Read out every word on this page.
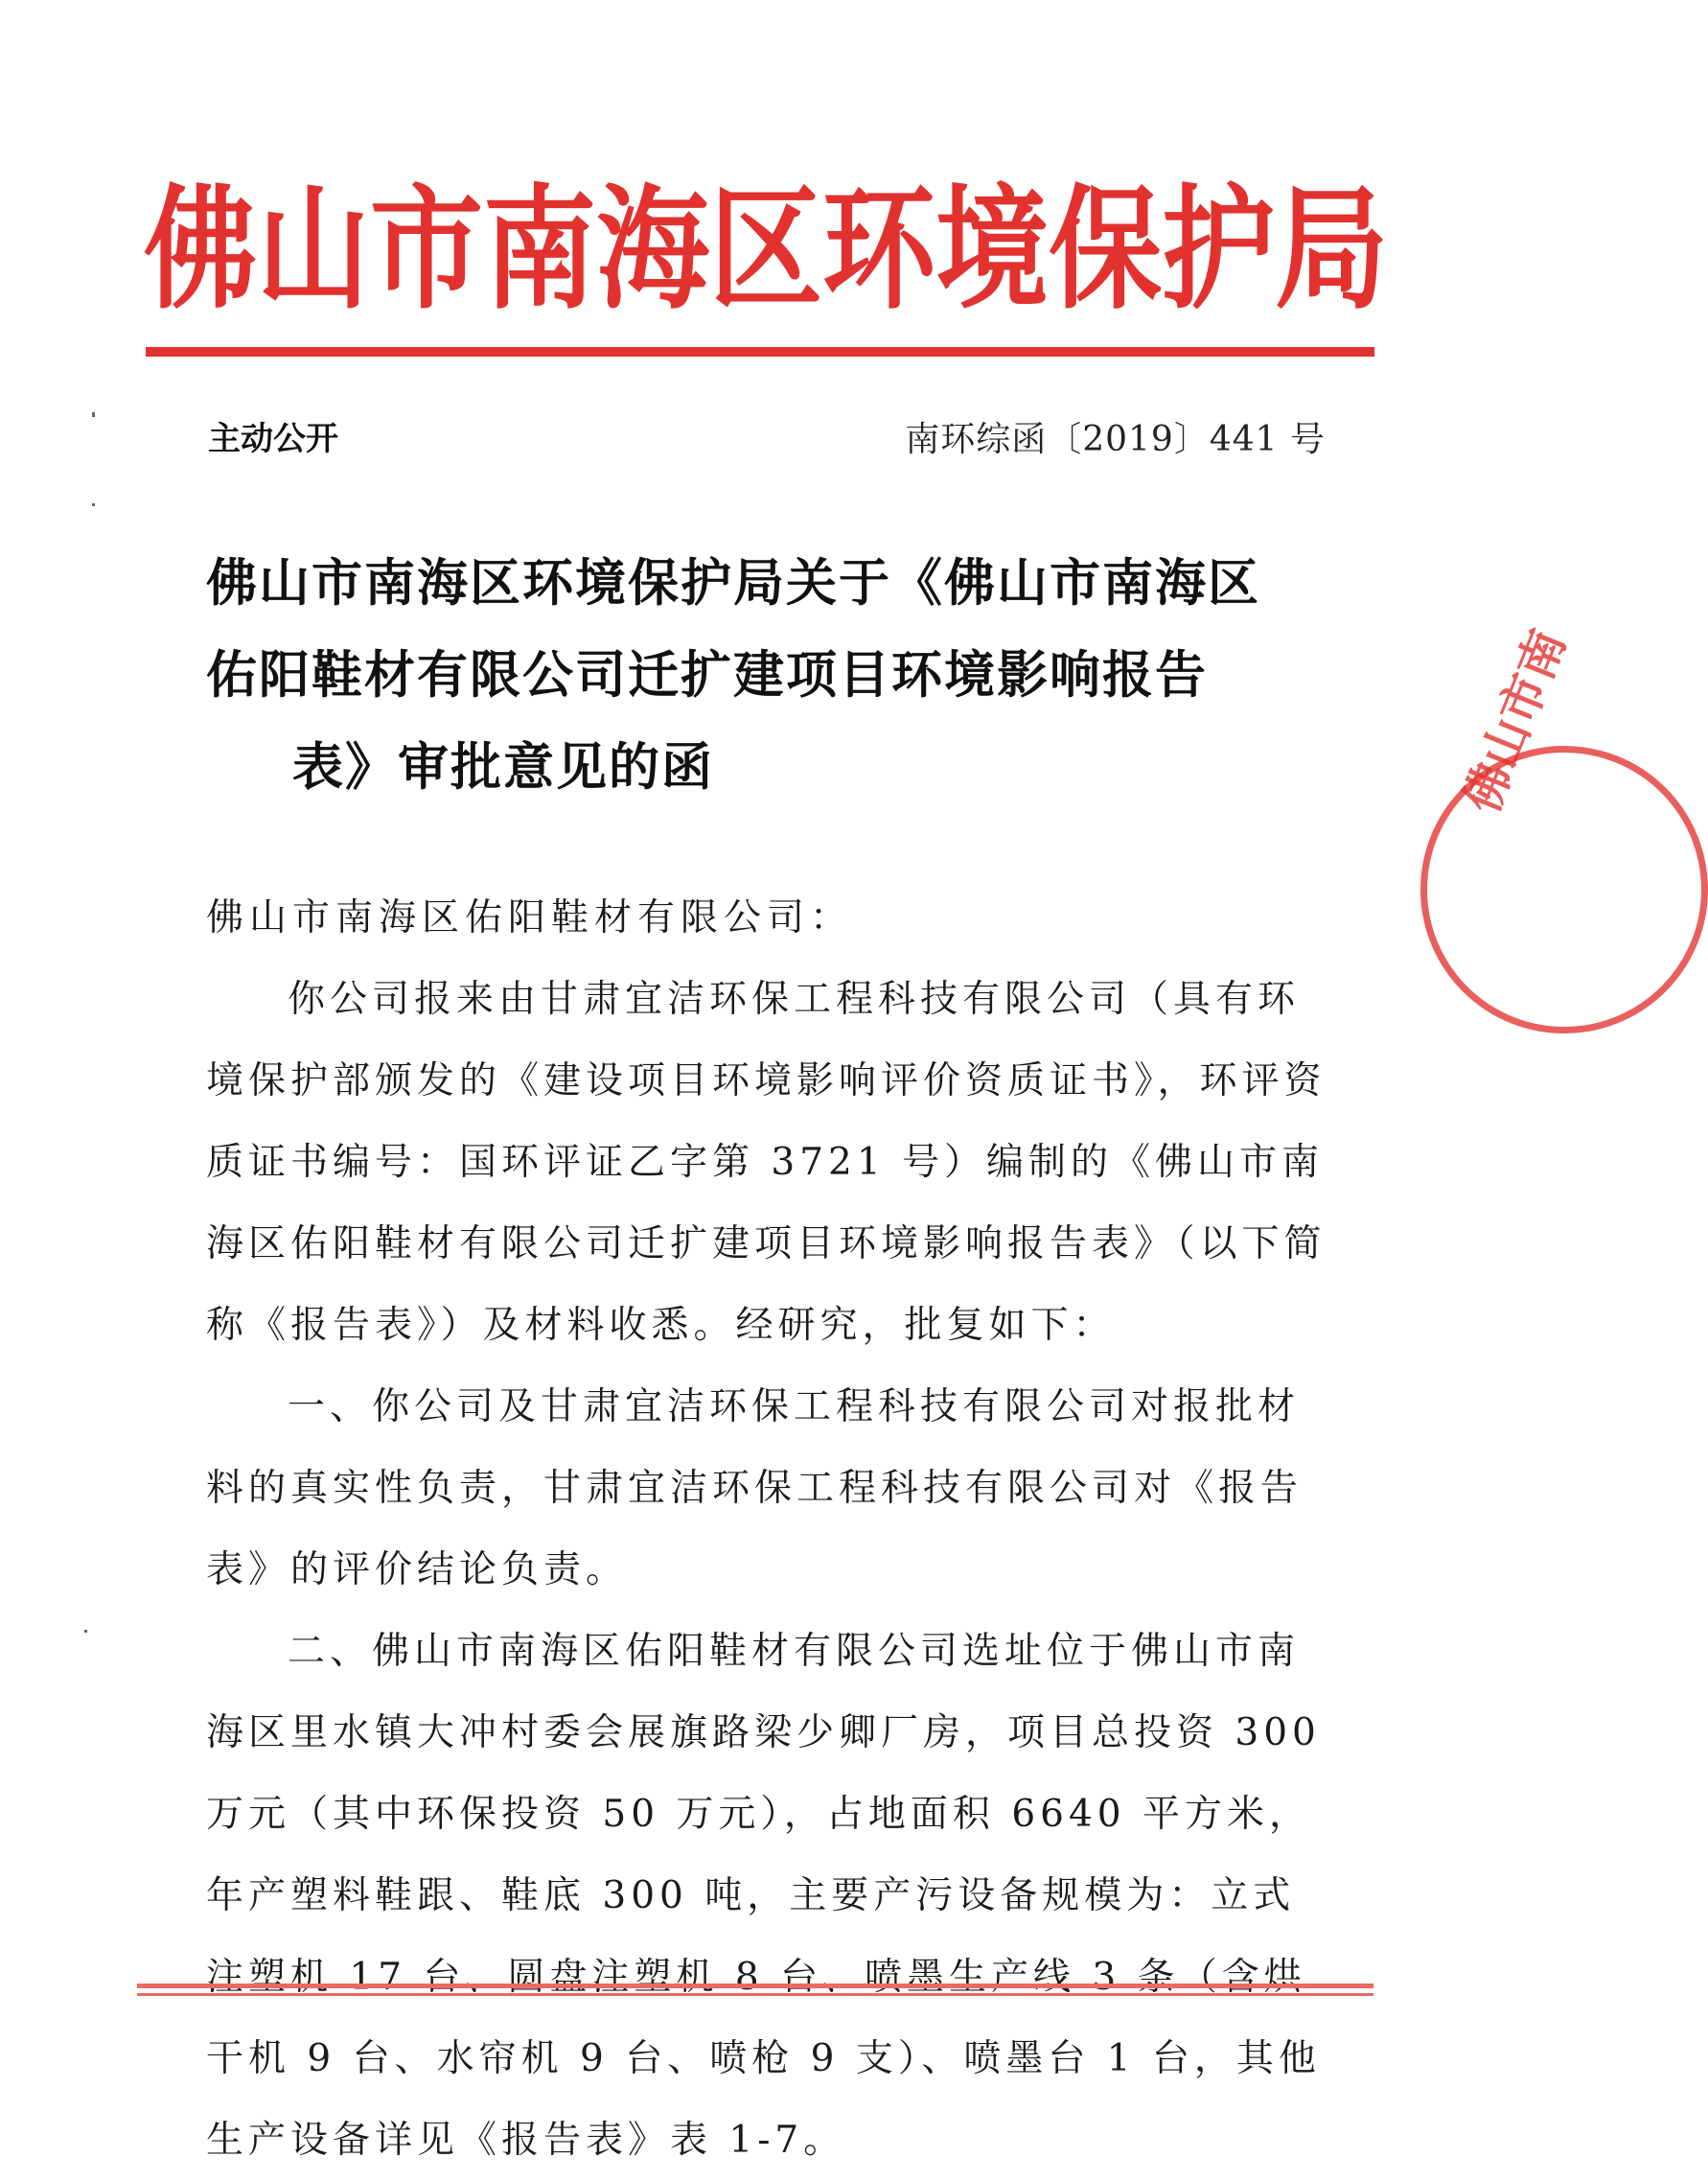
佛 山 市 南 海 区 环 境 保 护 局
主动公开	南环综函〔2019〕441 号
佛山市南海区环境保护局关于《佛山市南海区
佑阳鞋材有限公司迁扩建项目环境影响报告
表》审批意见的函

佛山市南海区佑阳鞋材有限公司：

你公司报来由甘肃宜洁环保工程科技有限公司（具有环境保护部颁发的《建设项目环境影响评价资质证书》，环评资质证书编号：国环评证乙字第 3721 号）编制的《佛山市南海区佑阳鞋材有限公司迁扩建项目环境影响报告表》（以下简称《报告表》）及材料收悉。经研究，批复如下：

一、你公司及甘肃宜洁环保工程科技有限公司对报批材料的真实性负责，甘肃宜洁环保工程科技有限公司对《报告表》的评价结论负责。

二、佛山市南海区佑阳鞋材有限公司选址位于佛山市南海区里水镇大冲村委会展旗路梁少卿厂房，项目总投资 300 万元（其中环保投资 50 万元），占地面积 6640 平方米，年产塑料鞋跟、鞋底 300 吨，主要产污设备规模为：立式注塑机 17 台、圆盘注塑机 8 台、喷墨生产线 3 条（含烘干机 9 台、水帘机 9 台、喷枪 9 支）、喷墨台 1 台，其他生产设备详见《报告表》表 1-7。

佛山市南
